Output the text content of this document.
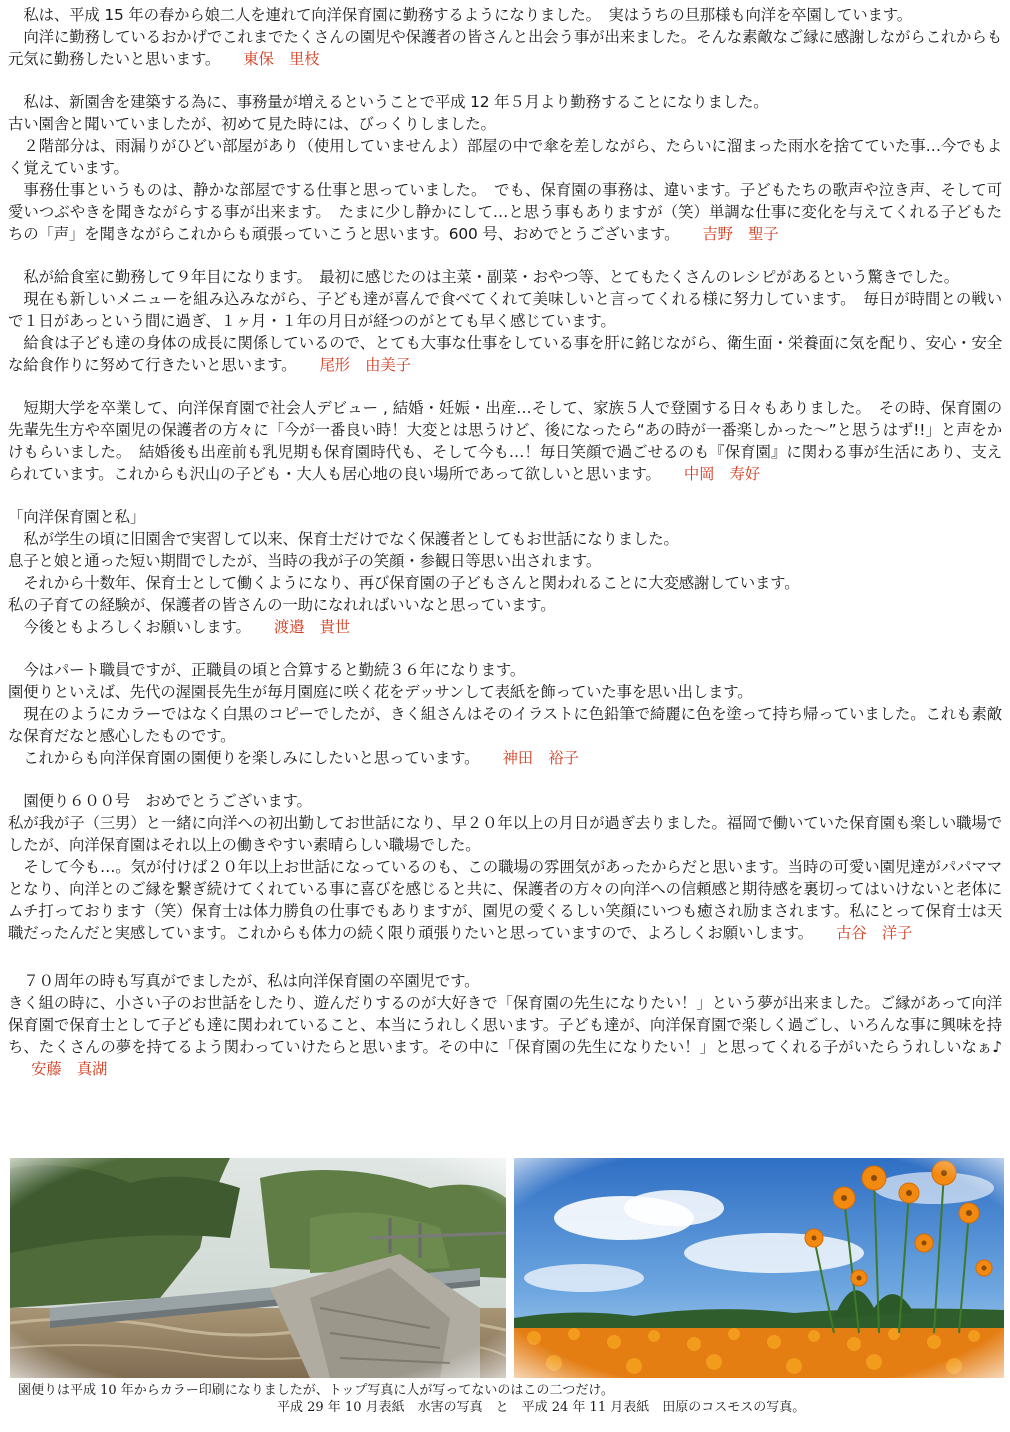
私は、平成 15 年の春から娘二人を連れて向洋保育園に勤務するようになりました。　実はうちの旦那様も向洋を卒園しています。

向洋に勤務しているおかげでこれまでたくさんの園児や保護者の皆さんと出会う事が出来ました。そんな素敵なご縁に感謝しながらこれからも元気に勤務したいと思います。 東保　里枝

私は、新園舎を建築する為に、事務量が増えるということで平成 12 年５月より勤務することになりました。

古い園舎と聞いていましたが、初めて見た時には、びっくりしました。

２階部分は、雨漏りがひどい部屋があり（使用していませんよ）部屋の中で傘を差しながら、たらいに溜まった雨水を捨てていた事…今でもよく覚えています。

事務仕事というものは、静かな部屋でする仕事と思っていました。　でも、保育園の事務は、違います。子どもたちの歌声や泣き声、そして可愛いつぶやきを聞きながらする事が出来ます。　たまに少し静かにして…と思う事もありますが（笑）単調な仕事に変化を与えてくれる子どもたちの「声」を聞きながらこれからも頑張っていこうと思います。600 号、おめでとうございます。 吉野　聖子

私が給食室に勤務して９年目になります。　最初に感じたのは主菜・副菜・おやつ等、とてもたくさんのレシピがあるという驚きでした。

現在も新しいメニューを組み込みながら、子ども達が喜んで食べてくれて美味しいと言ってくれる様に努力しています。　毎日が時間との戦いで１日があっという間に過ぎ、１ヶ月・１年の月日が経つのがとても早く感じています。

給食は子ども達の身体の成長に関係しているので、とても大事な仕事をしている事を肝に銘じながら、衛生面・栄養面に気を配り、安心・安全な給食作りに努めて行きたいと思います。 尾形　由美子

短期大学を卒業して、向洋保育園で社会人デビュー , 結婚・妊娠・出産…そして、家族５人で登園する日々もありました。　その時、保育園の先輩先生方や卒園児の保護者の方々に「今が一番良い時！大変とは思うけど、後になったら“あの時が一番楽しかった～”と思うはず!!」と声をかけもらいました。　結婚後も出産前も乳児期も保育園時代も、そして今も…！毎日笑顔で過ごせるのも『保育園』に関わる事が生活にあり、支えられています。これからも沢山の子ども・大人も居心地の良い場所であって欲しいと思います。 中岡　寿好

「向洋保育園と私」

私が学生の頃に旧園舎で実習して以来、保育士だけでなく保護者としてもお世話になりました。

息子と娘と通った短い期間でしたが、当時の我が子の笑顔・参観日等思い出されます。

それから十数年、保育士として働くようになり、再び保育園の子どもさんと関われることに大変感謝しています。

私の子育ての経験が、保護者の皆さんの一助になれればいいなと思っています。

今後ともよろしくお願いします。 渡邉　貴世

今はパート職員ですが、正職員の頃と合算すると勤続３６年になります。

園便りといえば、先代の渥園長先生が毎月園庭に咲く花をデッサンして表紙を飾っていた事を思い出します。

現在のようにカラーではなく白黒のコピーでしたが、きく組さんはそのイラストに色鉛筆で綺麗に色を塗って持ち帰っていました。これも素敵な保育だなと感心したものです。

これからも向洋保育園の園便りを楽しみにしたいと思っています。 神田　裕子

園便り６００号　おめでとうございます。

私が我が子（三男）と一緒に向洋への初出勤してお世話になり、早２０年以上の月日が過ぎ去りました。福岡で働いていた保育園も楽しい職場でしたが、向洋保育園はそれ以上の働きやすい素晴らしい職場でした。

そして今も…。気が付けば２０年以上お世話になっているのも、この職場の雰囲気があったからだと思います。当時の可愛い園児達がパパママとなり、向洋とのご縁を繋ぎ続けてくれている事に喜びを感じると共に、保護者の方々の向洋への信頼感と期待感を裏切ってはいけないと老体にムチ打っております（笑）保育士は体力勝負の仕事でもありますが、園児の愛くるしい笑顔にいつも癒され励まされます。私にとって保育士は天職だったんだと実感しています。これからも体力の続く限り頑張りたいと思っていますので、よろしくお願いします。 古谷　洋子

７０周年の時も写真がでましたが、私は向洋保育園の卒園児です。

きく組の時に、小さい子のお世話をしたり、遊んだりするのが大好きで「保育園の先生になりたい！」という夢が出来ました。ご縁があって向洋保育園で保育士として子ども達に関われていること、本当にうれしく思います。子ども達が、向洋保育園で楽しく過ごし、いろんな事に興味を持ち、たくさんの夢を持てるよう関わっていけたらと思います。その中に「保育園の先生になりたい！」と思ってくれる子がいたらうれしいなぁ♪安藤　真湖

園便りは平成 10 年からカラー印刷になりましたが、トップ写真に人が写ってないのはこの二つだけ。
平成 29 年 10 月表紙　水害の写真　と　平成 24 年 11 月表紙　田原のコスモスの写真。
